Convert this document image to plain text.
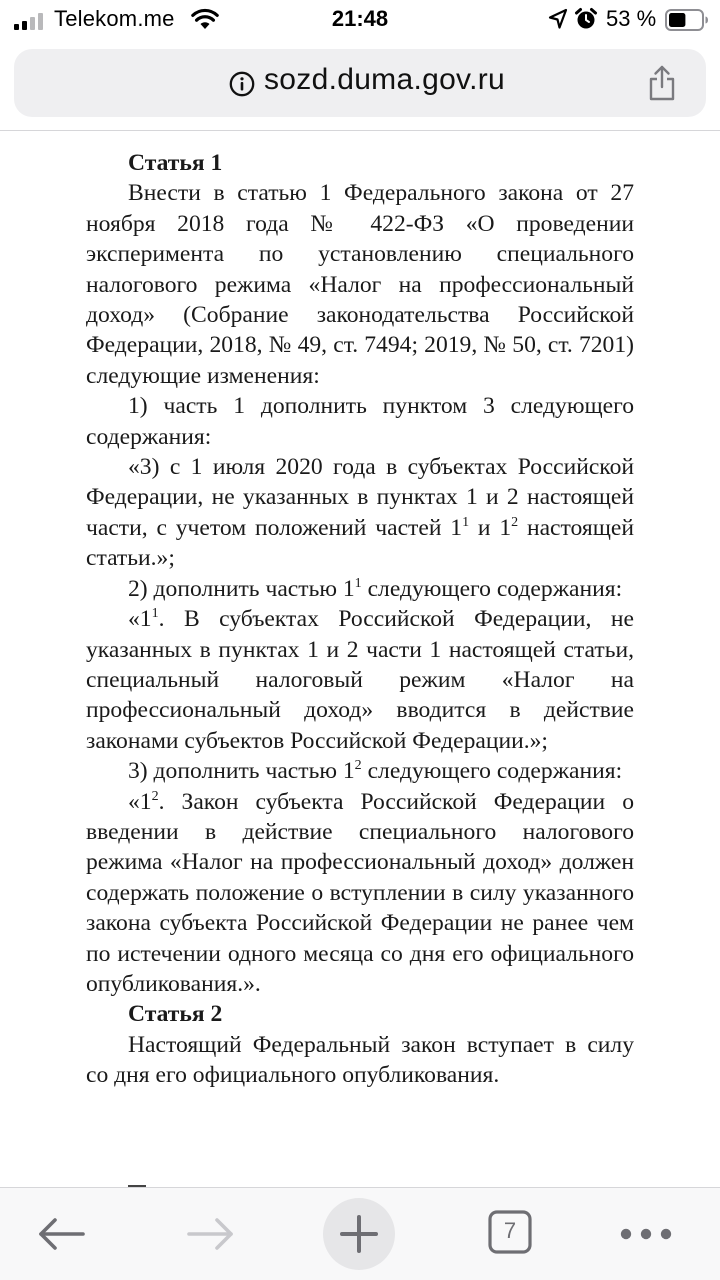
Telekom.me	21:48	53 %
sozd.duma.gov.ru

Статья 1

Внести в статью 1 Федерального закона от 27 ноября 2018 года № 422-ФЗ «О проведении эксперимента по установлению специального налогового режима «Налог на профессиональный доход» (Собрание законодательства Российской Федерации, 2018, № 49, ст. 7494; 2019, № 50, ст. 7201) следующие изменения:

1) часть 1 дополнить пунктом 3 следующего содержания:

«3) с 1 июля 2020 года в субъектах Российской Федерации, не указанных в пунктах 1 и 2 настоящей части, с учетом положений частей $1^1$ и $1^2$ настоящей статьи.»;

2) дополнить частью $1^1$ следующего содержания:

«$1^1$. В субъектах Российской Федерации, не указанных в пунктах 1 и 2 части 1 настоящей статьи, специальный налоговый режим «Налог на профессиональный доход» вводится в действие законами субъектов Российской Федерации.»;

3) дополнить частью $1^2$ следующего содержания:

«$1^2$. Закон субъекта Российской Федерации о введении в действие специального налогового режима «Налог на профессиональный доход» должен содержать положение о вступлении в силу указанного закона субъекта Российской Федерации не ранее чем по истечении одного месяца со дня его официального опубликования.».

Статья 2

Настоящий Федеральный закон вступает в силу со дня его официального опубликования.

7
